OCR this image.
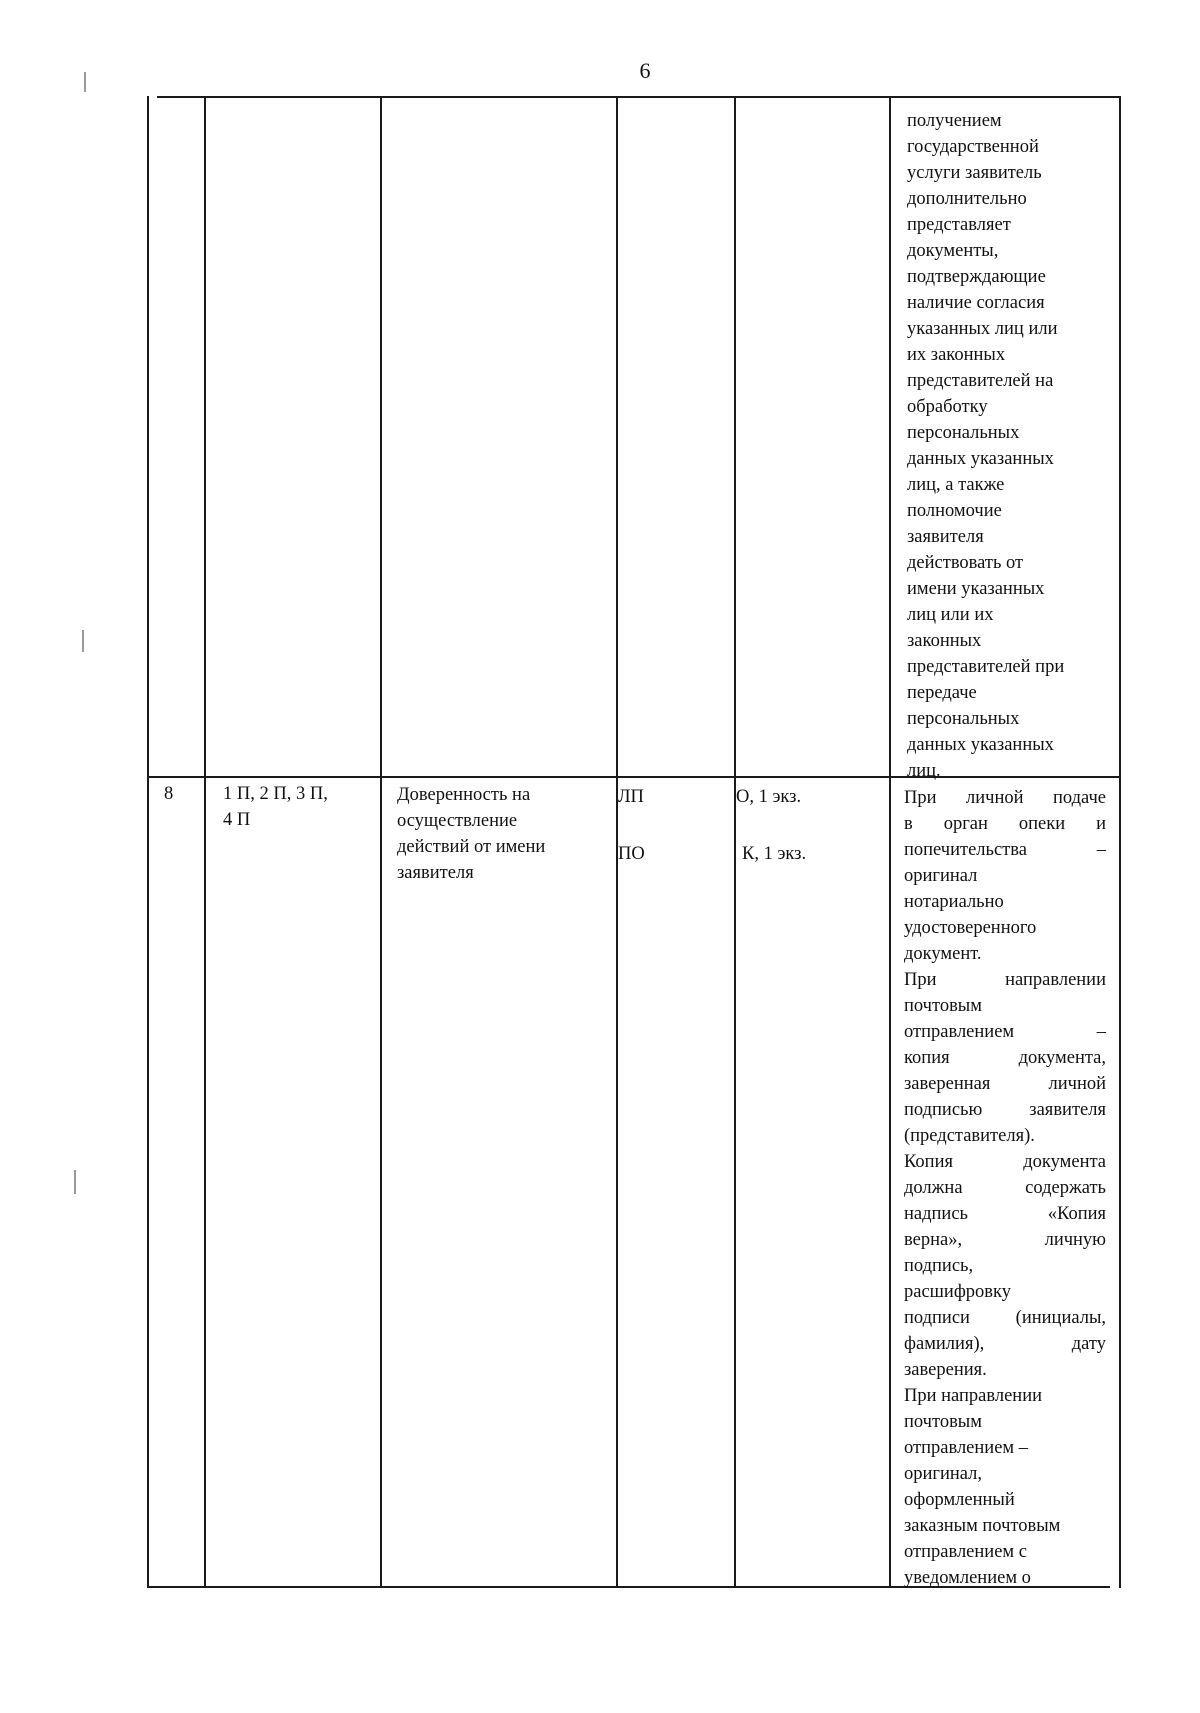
6
получением
государственной
услуги заявитель
дополнительно
представляет
документы,
подтверждающие
наличие согласия
указанных лиц или
их законных
представителей на
обработку
персональных
данных указанных
лиц, а также
полномочие
заявителя
действовать от
имени указанных
лиц или их
законных
представителей при
передаче
персональных
данных указанных
лиц.
8	1 П, 2 П, 3 П,
4 П
Доверенность на
осуществление
действий от имени
заявителя
ЛП
ПО
О, 1 экз.
К, 1 экз.
При личной подаче
в орган опеки и
попечительства –
оригинал
нотариально
удостоверенного
документ.
При направлении
почтовым
отправлением –
копия документа,
заверенная личной
подписью заявителя
(представителя).
Копия документа
должна содержать
надпись «Копия
верна», личную
подпись,
расшифровку
подписи (инициалы,
фамилия), дату
заверения.
При направлении
почтовым
отправлением –
оригинал,
оформленный
заказным почтовым
отправлением с
уведомлением о
